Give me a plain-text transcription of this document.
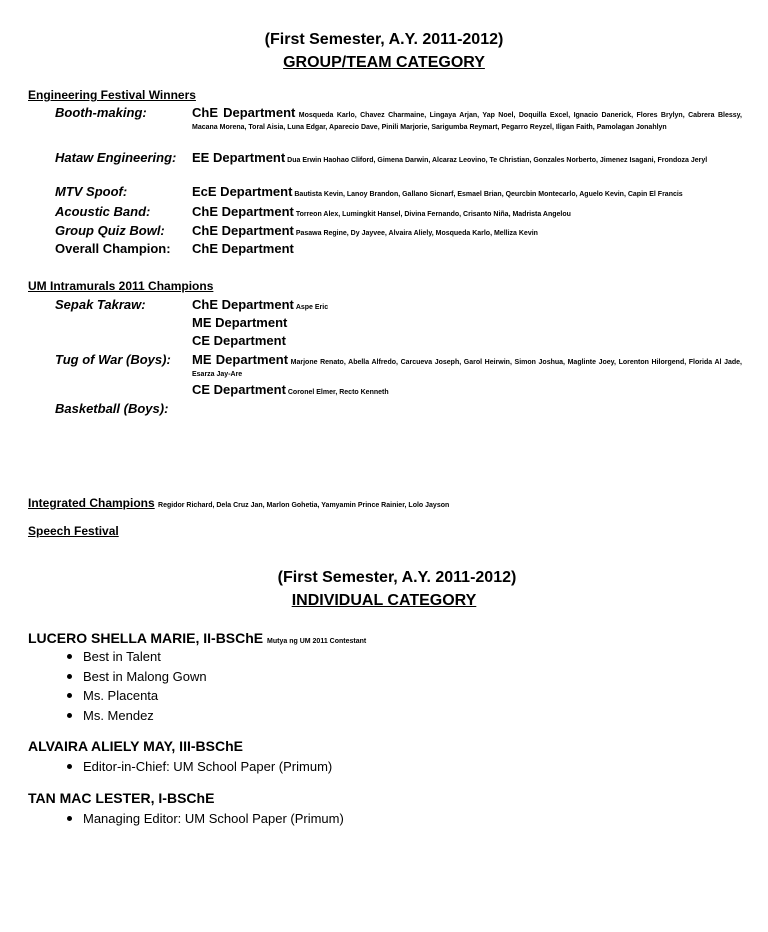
(First Semester, A.Y. 2011-2012)
GROUP/TEAM CATEGORY
Engineering Festival Winners
Booth-making:	ChE Department Mosqueda Karlo, Chavez Charmaine, Lingaya Arjan, Yap Noel, Doquilla Excel, Ignacio Danerick, Flores Brylyn, Cabrera Blessy, Macana Morena, Toral Aisia, Luna Edgar, Aparecio Dave, Pinili Marjorie, Sarigumba Reymart, Pegarro Reyzel, Iligan Faith, Pamolagan Jonahlyn
Hataw Engineering: EE Department Dua Erwin Haohao Cliford, Gimena Darwin, Alcaraz Leovino, Te Christian, Gonzales Norberto, Jimenez Isagani, Frondoza Jeryl
MTV Spoof:	EcE Department Bautista Kevin, Lanoy Brandon, Gallano Sicnarf, Esmael Brian, Qeurcbin Montecarlo, Aguelo Kevin, Capin El Francis
Acoustic Band:	ChE Department Torreon Alex, Lumingkit Hansel, Divina Fernando, Crisanto Niña, Madrista Angelou
Group Quiz Bowl: ChE Department Pasawa Regine, Dy Jayvee, Alvaira Aliely, Mosqueda Karlo, Melliza Kevin
Overall Champion: ChE Department
UM Intramurals 2011 Champions
Sepak Takraw:	ChE Department Aspe Eric
ME Department
CE Department
Tug of War (Boys): ME Department Marjone Renato, Abella Alfredo, Carcueva Joseph, Garol Heirwin, Simon Joshua, Maglinte Joey, Lorenton Hilorgend, Florida Al Jade, Esarza Jay-Are
CE Department Coronel Elmer, Recto Kenneth
Basketball (Boys):
Integrated Champions Regidor Richard, Dela Cruz Jan, Marlon Gohetia, Yamyamin Prince Rainier, Lolo Jayson
Speech Festival
(First Semester, A.Y. 2011-2012)
INDIVIDUAL CATEGORY
LUCERO SHELLA MARIE, II-BSChE Mutya ng UM 2011 Contestant
Best in Talent
Best in Malong Gown
Ms. Placenta
Ms. Mendez
ALVAIRA ALIELY MAY, III-BSChE
Editor-in-Chief: UM School Paper (Primum)
TAN MAC LESTER, I-BSChE
Managing Editor: UM School Paper (Primum)
